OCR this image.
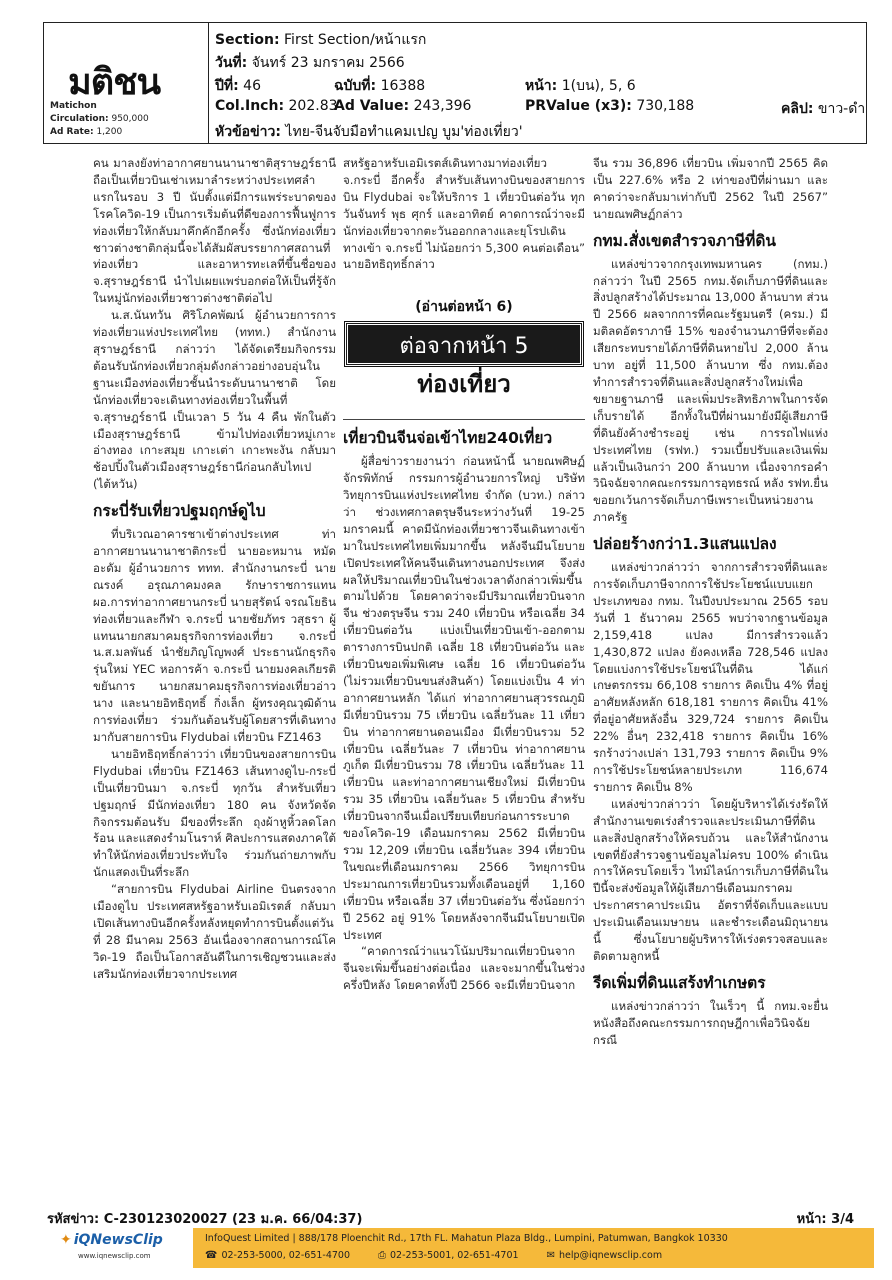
มติชน
Matichon
Circulation: 950,000
Ad Rate: 1,200
Section: First Section/หน้าแรก
วันที่: จันทร์ 23 มกราคม 2566
ปีที่: 46	ฉบับที่: 16388	หน้า: 1(บน), 5, 6
Col.Inch: 202.83
Ad Value: 243,396	PRValue (x3): 730,188	คลิป: ขาว-ดำ
หัวข้อข่าว: ไทย-จีนจับมือทำแคมเปญ บูม'ท่องเที่ยว'

คน มาลงยังท่าอากาศยานนานาชาติสุราษฎร์ธานี ถือเป็นเที่ยวบินเช่าเหมาลำระหว่างประเทศลำแรกในรอบ 3 ปี นับตั้งแต่มีการแพร่ระบาดของโรคโควิด-19 เป็นการเริ่มต้นที่ดีของการฟื้นฟูการท่องเที่ยวให้กลับมาคึกคักอีกครั้ง ซึ่งนักท่องเที่ยวชาวต่างชาติกลุ่มนี้จะได้สัมผัสบรรยากาศสถานที่ท่องเที่ยว และอาหารทะเลที่ขึ้นชื่อของ จ.สุราษฎร์ธานี นำไปเผยแพร่บอกต่อให้เป็นที่รู้จักในหมู่นักท่องเที่ยวชาวต่างชาติต่อไป

น.ส.นันทวัน ศิริโภคพัฒน์ ผู้อำนวยการการท่องเที่ยวแห่งประเทศไทย (ททท.) สำนักงานสุราษฎร์ธานี กล่าวว่า ได้จัดเตรียมกิจกรรมต้อนรับนักท่องเที่ยวกลุ่มดังกล่าวอย่างอบอุ่นในฐานะเมืองท่องเที่ยวชั้นนำระดับนานาชาติ โดยนักท่องเที่ยวจะเดินทางท่องเที่ยวในพื้นที่ จ.สุราษฎร์ธานี เป็นเวลา 5 วัน 4 คืน พักในตัวเมืองสุราษฎร์ธานี ข้ามไปท่องเที่ยวหมู่เกาะอ่างทอง เกาะสมุย เกาะเต่า เกาะพะงัน กลับมาช้อปปิ้งในตัวเมืองสุราษฎร์ธานีก่อนกลับไทเป (ไต้หวัน)

กระบี่รับเที่ยวปฐมฤกษ์ดูไบ

ที่บริเวณอาคารชาเข้าต่างประเทศ ท่าอากาศยานนานาชาติกระบี่ นายอะหมาน หมัดอะดัม ผู้อำนวยการ ททท. สำนักงานกระบี่ นายณรงค์ อรุณภาคมงคล รักษาราชการแทน ผอ.การท่าอากาศยานกระบี่ นายสุรัตน์ จรณโยธิน ท่องเที่ยวและกีฬา จ.กระบี่ นายชัยภัทร วสุธรา ผู้แทนนายกสมาคมธุรกิจการท่องเที่ยว จ.กระบี่ น.ส.มลพันธ์ นำชัยภิญโญพงศ์ ประธานนักธุรกิจรุ่นใหม่ YEC หอการค้า จ.กระบี่ นายมงคลเกียรติ ขยันการ นายกสมาคมธุรกิจการท่องเที่ยวอ่าวนาง และนายอิทธิฤทธิ์ กิ่งเล็ก ผู้ทรงคุณวุฒิด้านการท่องเที่ยว ร่วมกันต้อนรับผู้โดยสารที่เดินทางมากับสายการบิน Flydubai เที่ยวบิน FZ1463

นายอิทธิฤทธิ์กล่าวว่า เที่ยวบินของสายการบิน Flydubai เที่ยวบิน FZ1463 เส้นทางดูไบ-กระบี่ เป็นเที่ยวบินมา จ.กระบี่ ทุกวัน สำหรับเที่ยวปฐมฤกษ์ มีนักท่องเที่ยว 180 คน จังหวัดจัดกิจกรรมต้อนรับ มีของที่ระลึก ถุงผ้าหูหิ้วลดโลกร้อน และแสดงรำมโนราห์ ศิลปะการแสดงภาคใต้ ทำให้นักท่องเที่ยวประทับใจ ร่วมกันถ่ายภาพกับนักแสดงเป็นที่ระลึก

“สายการบิน Flydubai Airline บินตรงจากเมืองดูไบ ประเทศสหรัฐอาหรับเอมิเรตส์ กลับมาเปิดเส้นทางบินอีกครั้งหลังหยุดทำการบินตั้งแต่วันที่ 28 มีนาคม 2563 อันเนื่องจากสถานการณ์โควิด-19 ถือเป็นโอกาสอันดีในการเชิญชวนและส่งเสริมนักท่องเที่ยวจากประเทศ

สหรัฐอาหรับเอมิเรตส์เดินทางมาท่องเที่ยว จ.กระบี่ อีกครั้ง สำหรับเส้นทางบินของสายการบิน Flydubai จะให้บริการ 1 เที่ยวบินต่อวัน ทุกวันจันทร์ พุธ ศุกร์ และอาทิตย์ คาดการณ์ว่าจะมีนักท่องเที่ยวจากตะวันออกกลางและยุโรปเดินทางเข้า จ.กระบี่ ไม่น้อยกว่า 5,300 คนต่อเดือน” นายอิทธิฤทธิ์กล่าว

(อ่านต่อหน้า 6)
ต่อจากหน้า 5
ท่องเที่ยว
เที่ยวบินจีนจ่อเข้าไทย240เที่ยว

ผู้สื่อข่าวรายงานว่า ก่อนหน้านี้ นายณพศิษฏ์ จักรพิทักษ์ กรรมการผู้อำนวยการใหญ่ บริษัท วิทยุการบินแห่งประเทศไทย จำกัด (บวท.) กล่าวว่า ช่วงเทศกาลตรุษจีนระหว่างวันที่ 19-25 มกราคมนี้ คาดมีนักท่องเที่ยวชาวจีนเดินทางเข้ามาในประเทศไทยเพิ่มมากขึ้น หลังจีนมีนโยบายเปิดประเทศให้คนจีนเดินทางนอกประเทศ จึงส่งผลให้ปริมาณเที่ยวบินในช่วงเวลาดังกล่าวเพิ่มขึ้นตามไปด้วย โดยคาดว่าจะมีปริมาณเที่ยวบินจากจีน ช่วงตรุษจีน รวม 240 เที่ยวบิน หรือเฉลี่ย 34 เที่ยวบินต่อวัน แบ่งเป็นเที่ยวบินเข้า-ออกตามตารางการบินปกติ เฉลี่ย 18 เที่ยวบินต่อวัน และเที่ยวบินขอเพิ่มพิเศษ เฉลี่ย 16 เที่ยวบินต่อวัน (ไม่รวมเที่ยวบินขนส่งสินค้า) โดยแบ่งเป็น 4 ท่าอากาศยานหลัก ได้แก่ ท่าอากาศยานสุวรรณภูมิ มีเที่ยวบินรวม 75 เที่ยวบิน เฉลี่ยวันละ 11 เที่ยวบิน ท่าอากาศยานดอนเมือง มีเที่ยวบินรวม 52 เที่ยวบิน เฉลี่ยวันละ 7 เที่ยวบิน ท่าอากาศยานภูเก็ต มีเที่ยวบินรวม 78 เที่ยวบิน เฉลี่ยวันละ 11 เที่ยวบิน และท่าอากาศยานเชียงใหม่ มีเที่ยวบินรวม 35 เที่ยวบิน เฉลี่ยวันละ 5 เที่ยวบิน สำหรับเที่ยวบินจากจีนเมื่อเปรียบเทียบก่อนการระบาดของโควิด-19 เดือนมกราคม 2562 มีเที่ยวบินรวม 12,209 เที่ยวบิน เฉลี่ยวันละ 394 เที่ยวบิน ในขณะที่เดือนมกราคม 2566 วิทยุการบินประมาณการเที่ยวบินรวมทั้งเดือนอยู่ที่ 1,160 เที่ยวบิน หรือเฉลี่ย 37 เที่ยวบินต่อวัน ซึ่งน้อยกว่าปี 2562 อยู่ 91% โดยหลังจากจีนมีนโยบายเปิดประเทศ

“คาดการณ์ว่าแนวโน้มปริมาณเที่ยวบินจากจีนจะเพิ่มขึ้นอย่างต่อเนื่อง และจะมากขึ้นในช่วงครึ่งปีหลัง โดยคาดทั้งปี 2566 จะมีเที่ยวบินจาก

จีน รวม 36,896 เที่ยวบิน เพิ่มจากปี 2565 คิดเป็น 227.6% หรือ 2 เท่าของปีที่ผ่านมา และคาดว่าจะกลับมาเท่ากับปี 2562 ในปี 2567” นายณพศิษฏ์กล่าว

กทม.สั่งเขตสำรวจภาษีที่ดิน

แหล่งข่าวจากกรุงเทพมหานคร (กทม.) กล่าวว่า ในปี 2565 กทม.จัดเก็บภาษีที่ดินและสิ่งปลูกสร้างได้ประมาณ 13,000 ล้านบาท ส่วนปี 2566 ผลจากการที่คณะรัฐมนตรี (ครม.) มีมติลดอัตราภาษี 15% ของจำนวนภาษีที่จะต้องเสียกระทบรายได้ภาษีที่ดินหายไป 2,000 ล้านบาท อยู่ที่ 11,500 ล้านบาท ซึ่ง กทม.ต้องทำการสำรวจที่ดินและสิ่งปลูกสร้างใหม่เพื่อขยายฐานภาษี และเพิ่มประสิทธิภาพในการจัดเก็บรายได้ อีกทั้งในปีที่ผ่านมายังมีผู้เสียภาษีที่ดินยังค้างชำระอยู่ เช่น การรถไฟแห่งประเทศไทย (รฟท.) รวมเบี้ยปรับและเงินเพิ่มแล้วเป็นเงินกว่า 200 ล้านบาท เนื่องจากรอคำวินิจฉัยจากคณะกรรมการอุทธรณ์ หลัง รฟท.ยื่นขอยกเว้นการจัดเก็บภาษีเพราะเป็นหน่วยงานภาครัฐ

ปล่อยร้างกว่า1.3แสนแปลง

แหล่งข่าวกล่าวว่า จากการสำรวจที่ดินและการจัดเก็บภาษีจากการใช้ประโยชน์แบบแยกประเภทของ กทม. ในปีงบประมาณ 2565 รอบวันที่ 1 ธันวาคม 2565 พบว่าจากฐานข้อมูล 2,159,418 แปลง มีการสำรวจแล้ว 1,430,872 แปลง ยังคงเหลือ 728,546 แปลง โดยแบ่งการใช้ประโยชน์ในที่ดิน ได้แก่ เกษตรกรรม 66,108 รายการ คิดเป็น 4% ที่อยู่อาศัยหลังหลัก 618,181 รายการ คิดเป็น 41% ที่อยู่อาศัยหลังอื่น 329,724 รายการ คิดเป็น 22% อื่นๆ 232,418 รายการ คิดเป็น 16% รกร้างว่างเปล่า 131,793 รายการ คิดเป็น 9% การใช้ประโยชน์หลายประเภท 116,674 รายการ คิดเป็น 8%

แหล่งข่าวกล่าวว่า โดยผู้บริหารได้เร่งรัดให้สำนักงานเขตเร่งสำรวจและประเมินภาษีที่ดินและสิ่งปลูกสร้างให้ครบถ้วน และให้สำนักงานเขตที่ยังสำรวจฐานข้อมูลไม่ครบ 100% ดำเนินการให้ครบโดยเร็ว ไทม์ไลน์การเก็บภาษีที่ดินในปีนี้จะส่งข้อมูลให้ผู้เสียภาษีเดือนมกราคม ประกาศราคาประเมิน อัตราที่จัดเก็บและแบบประเมินเดือนเมษายน และชำระเดือนมิถุนายน นี้ ซึ่งนโยบายผู้บริหารให้เร่งตรวจสอบและติดตามลูกหนี้

รีดเพิ่มที่ดินแสร้งทำเกษตร

แหล่งข่าวกล่าวว่า ในเร็วๆ นี้ กทม.จะยื่นหนังสือถึงคณะกรรมการกฤษฎีกาเพื่อวินิจฉัยกรณี

รหัสข่าว: C-230123020027 (23 ม.ค. 66/04:37)	หน้า: 3/4
✦ iQNewsClip
www.iqnewsclip.com
InfoQuest Limited | 888/178 Ploenchit Rd., 17th FL. Mahatun Plaza Bldg., Lumpini, Patumwan, Bangkok 10330
☎ 02-253-5000, 02-651-4700	⎙ 02-253-5001, 02-651-4701	✉ help@iqnewsclip.com
